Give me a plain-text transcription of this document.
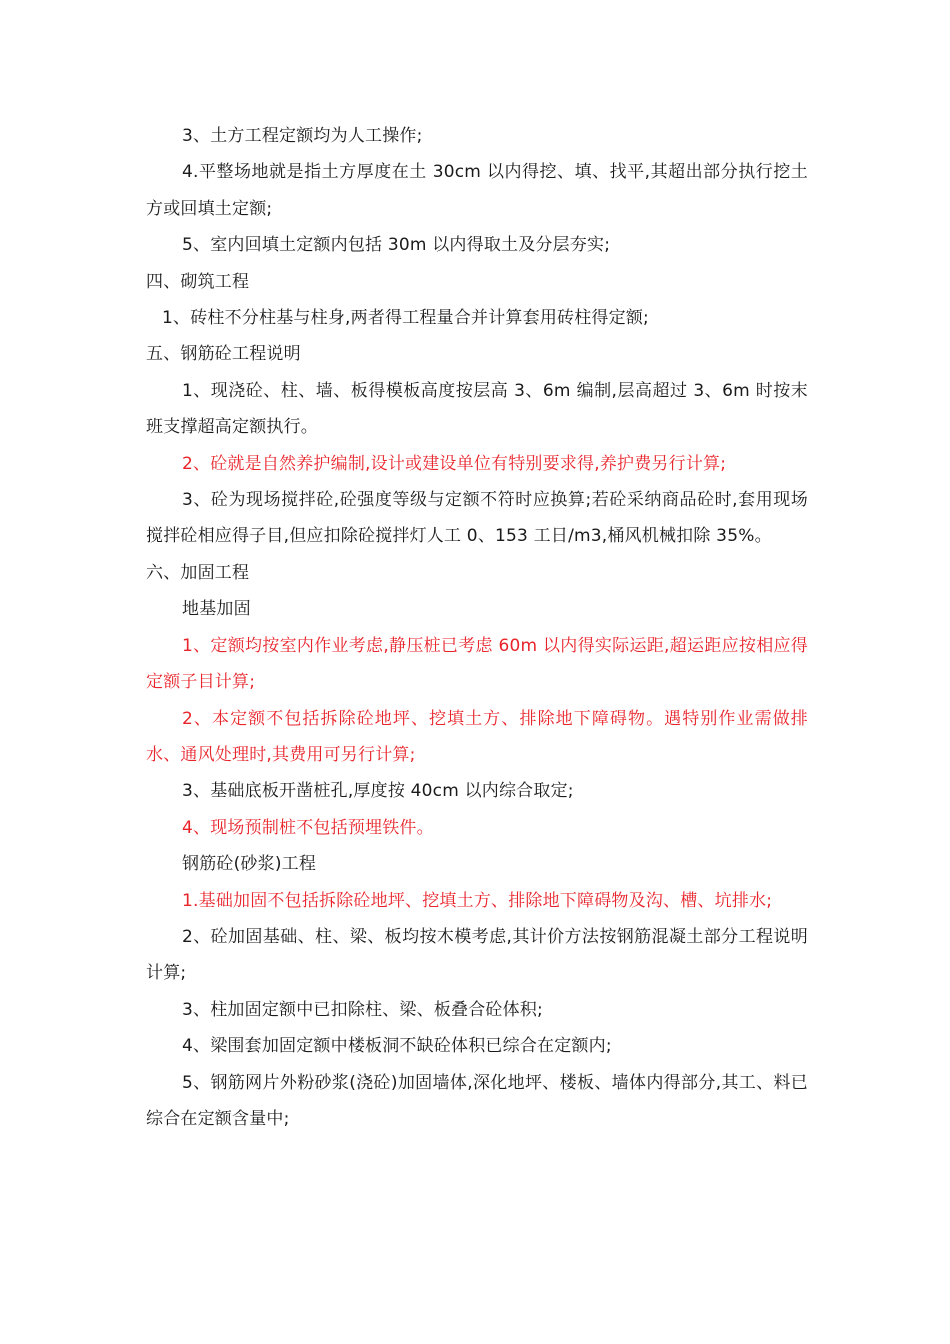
3、土方工程定额均为人工操作;

4.平整场地就是指土方厚度在土 30cm 以内得挖、填、找平,其超出部分执行挖土方或回填土定额;

5、室内回填土定额内包括 30m 以内得取土及分层夯实;

四、砌筑工程

1、砖柱不分柱基与柱身,两者得工程量合并计算套用砖柱得定额;

五、钢筋砼工程说明

1、现浇砼、柱、墙、板得模板高度按层高 3、6m 编制,层高超过 3、6m 时按末班支撑超高定额执行。

2、砼就是自然养护编制,设计或建设单位有特别要求得,养护费另行计算;

3、砼为现场搅拌砼,砼强度等级与定额不符时应换算;若砼采纳商品砼时,套用现场搅拌砼相应得子目,但应扣除砼搅拌灯人工 0、153 工日/m3,桶风机械扣除 35%。

六、加固工程

地基加固

1、定额均按室内作业考虑,静压桩已考虑 60m 以内得实际运距,超运距应按相应得定额子目计算;

2、本定额不包括拆除砼地坪、挖填土方、排除地下障碍物。遇特别作业需做排水、通风处理时,其费用可另行计算;

3、基础底板开凿桩孔,厚度按 40cm 以内综合取定;

4、现场预制桩不包括预埋铁件。

钢筋砼(砂浆)工程

1.基础加固不包括拆除砼地坪、挖填土方、排除地下障碍物及沟、槽、坑排水;

2、砼加固基础、柱、梁、板均按木模考虑,其计价方法按钢筋混凝土部分工程说明计算;

3、柱加固定额中已扣除柱、梁、板叠合砼体积;

4、梁围套加固定额中楼板洞不缺砼体积已综合在定额内;

5、钢筋网片外粉砂浆(浇砼)加固墙体,深化地坪、楼板、墙体内得部分,其工、料已综合在定额含量中;
